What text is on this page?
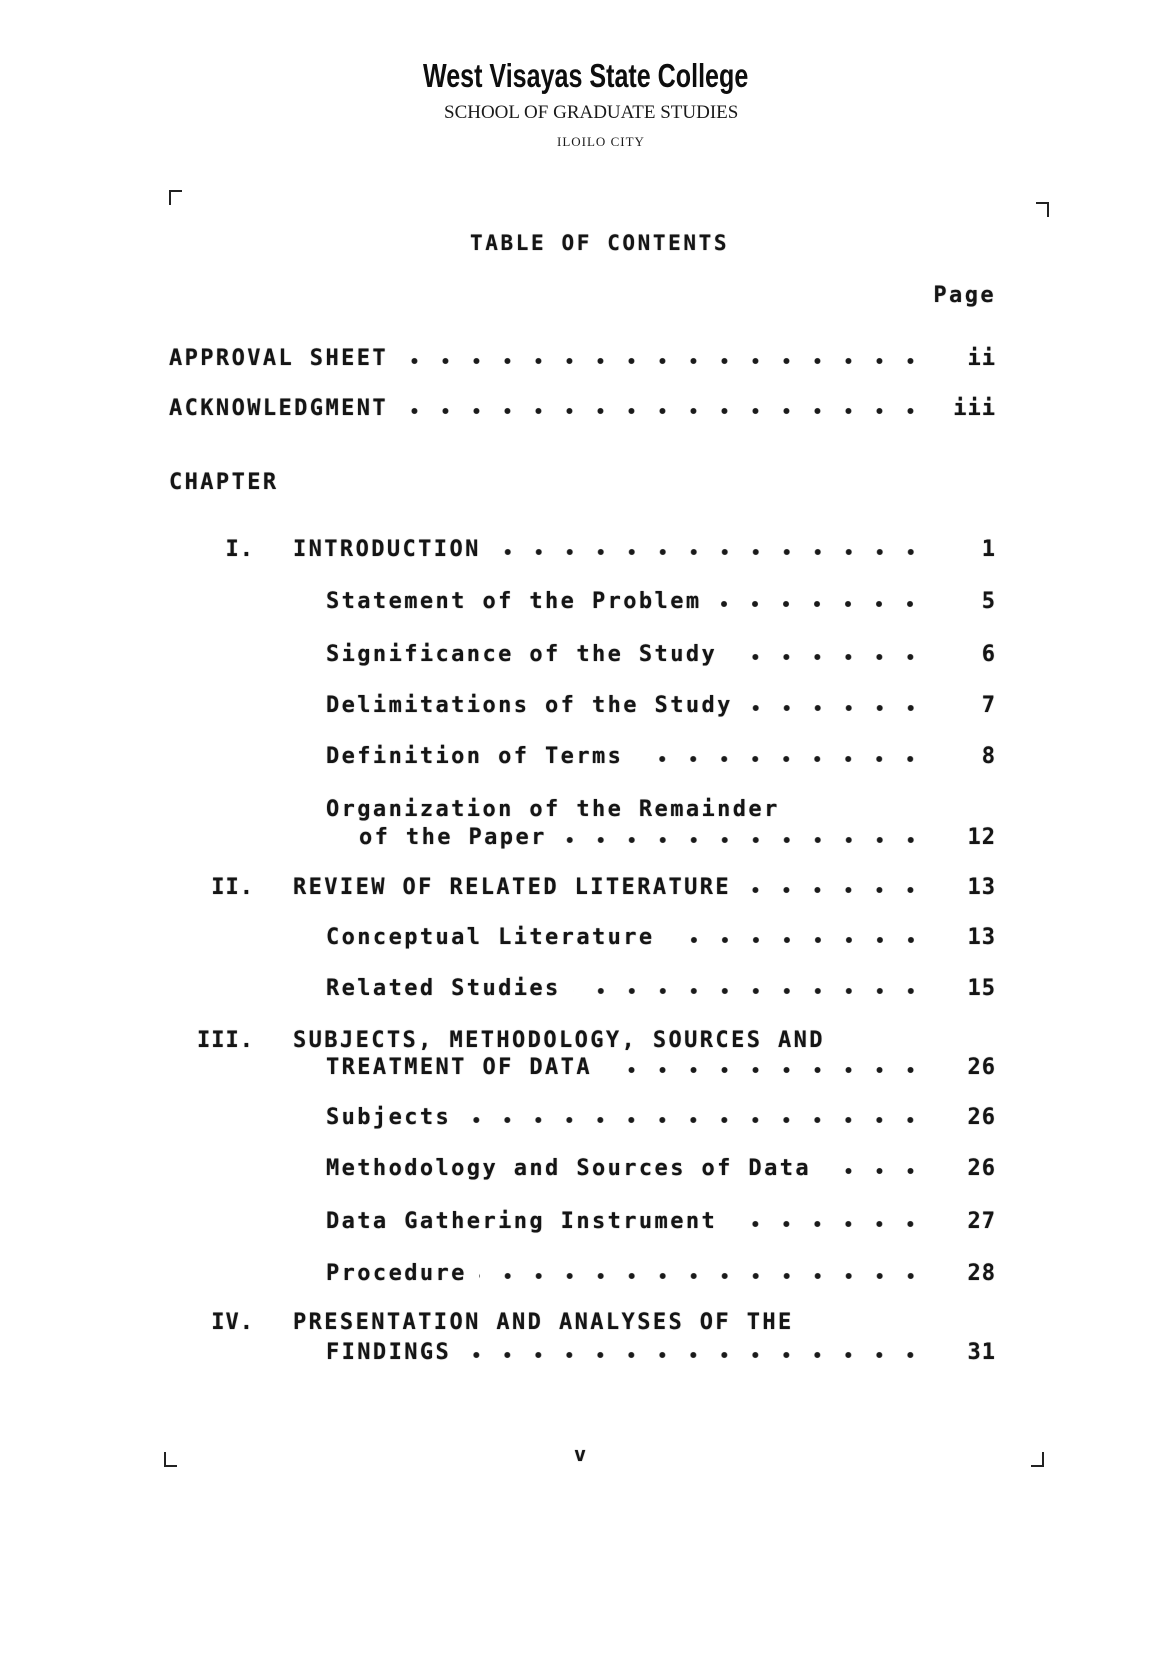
West Visayas State College
SCHOOL OF GRADUATE STUDIES
ILOILO CITY
TABLE OF CONTENTS
Page
APPROVAL SHEET	ii
ACKNOWLEDGMENT	iii
CHAPTER
I. INTRODUCTION	1
Statement of the Problem	5
Significance of the Study	6
Delimitations of the Study	7
Definition of Terms	8
Organization of the Remainder
of the Paper	12
II. REVIEW OF RELATED LITERATURE	13
Conceptual Literature	13
Related Studies	15
III. SUBJECTS, METHODOLOGY, SOURCES AND
TREATMENT OF DATA	26
Subjects	26
Methodology and Sources of Data	26
Data Gathering Instrument	27
Procedure	28
IV. PRESENTATION AND ANALYSES OF THE
FINDINGS	31
v
